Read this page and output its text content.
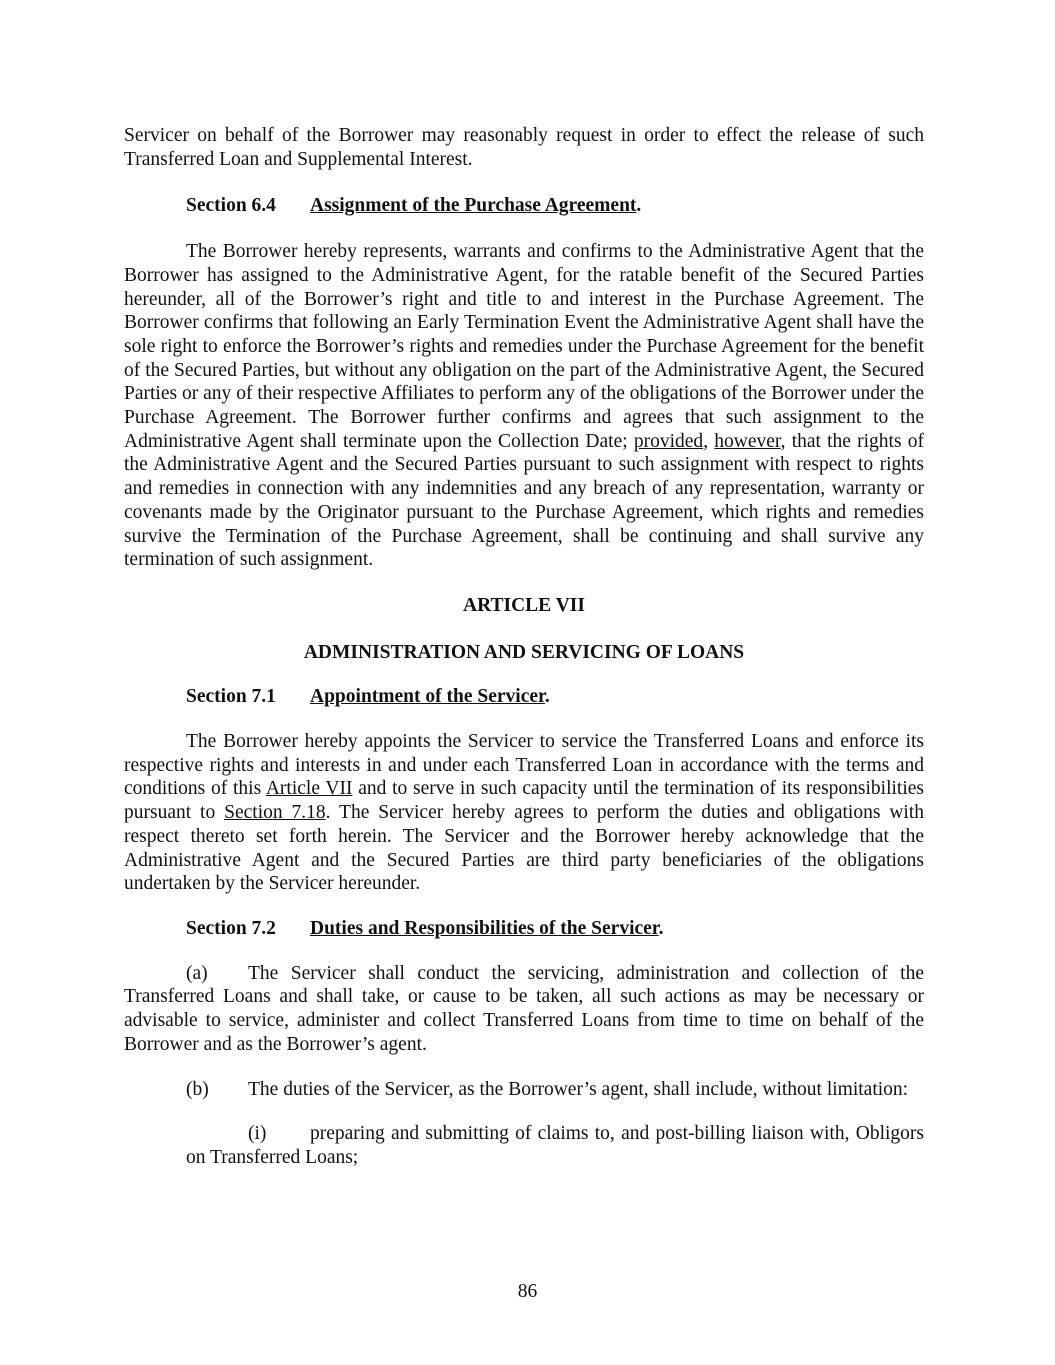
Servicer on behalf of the Borrower may reasonably request in order to effect the release of such Transferred Loan and Supplemental Interest.

Section 6.4 Assignment of the Purchase Agreement.

The Borrower hereby represents, warrants and confirms to the Administrative Agent that the Borrower has assigned to the Administrative Agent, for the ratable benefit of the Secured Parties hereunder, all of the Borrower’s right and title to and interest in the Purchase Agreement. The Borrower confirms that following an Early Termination Event the Administrative Agent shall have the sole right to enforce the Borrower’s rights and remedies under the Purchase Agreement for the benefit of the Secured Parties, but without any obligation on the part of the Administrative Agent, the Secured Parties or any of their respective Affiliates to perform any of the obligations of the Borrower under the Purchase Agreement. The Borrower further confirms and agrees that such assignment to the Administrative Agent shall terminate upon the Collection Date; provided, however, that the rights of the Administrative Agent and the Secured Parties pursuant to such assignment with respect to rights and remedies in connection with any indemnities and any breach of any representation, warranty or covenants made by the Originator pursuant to the Purchase Agreement, which rights and remedies survive the Termination of the Purchase Agreement, shall be continuing and shall survive any termination of such assignment.

ARTICLE VII

ADMINISTRATION AND SERVICING OF LOANS

Section 7.1 Appointment of the Servicer.

The Borrower hereby appoints the Servicer to service the Transferred Loans and enforce its respective rights and interests in and under each Transferred Loan in accordance with the terms and conditions of this Article VII and to serve in such capacity until the termination of its responsibilities pursuant to Section 7.18. The Servicer hereby agrees to perform the duties and obligations with respect thereto set forth herein. The Servicer and the Borrower hereby acknowledge that the Administrative Agent and the Secured Parties are third party beneficiaries of the obligations undertaken by the Servicer hereunder.

Section 7.2 Duties and Responsibilities of the Servicer.

(a) The Servicer shall conduct the servicing, administration and collection of the Transferred Loans and shall take, or cause to be taken, all such actions as may be necessary or advisable to service, administer and collect Transferred Loans from time to time on behalf of the Borrower and as the Borrower’s agent.

(b) The duties of the Servicer, as the Borrower’s agent, shall include, without limitation:

(i) preparing and submitting of claims to, and post-billing liaison with, Obligors on Transferred Loans;

86
